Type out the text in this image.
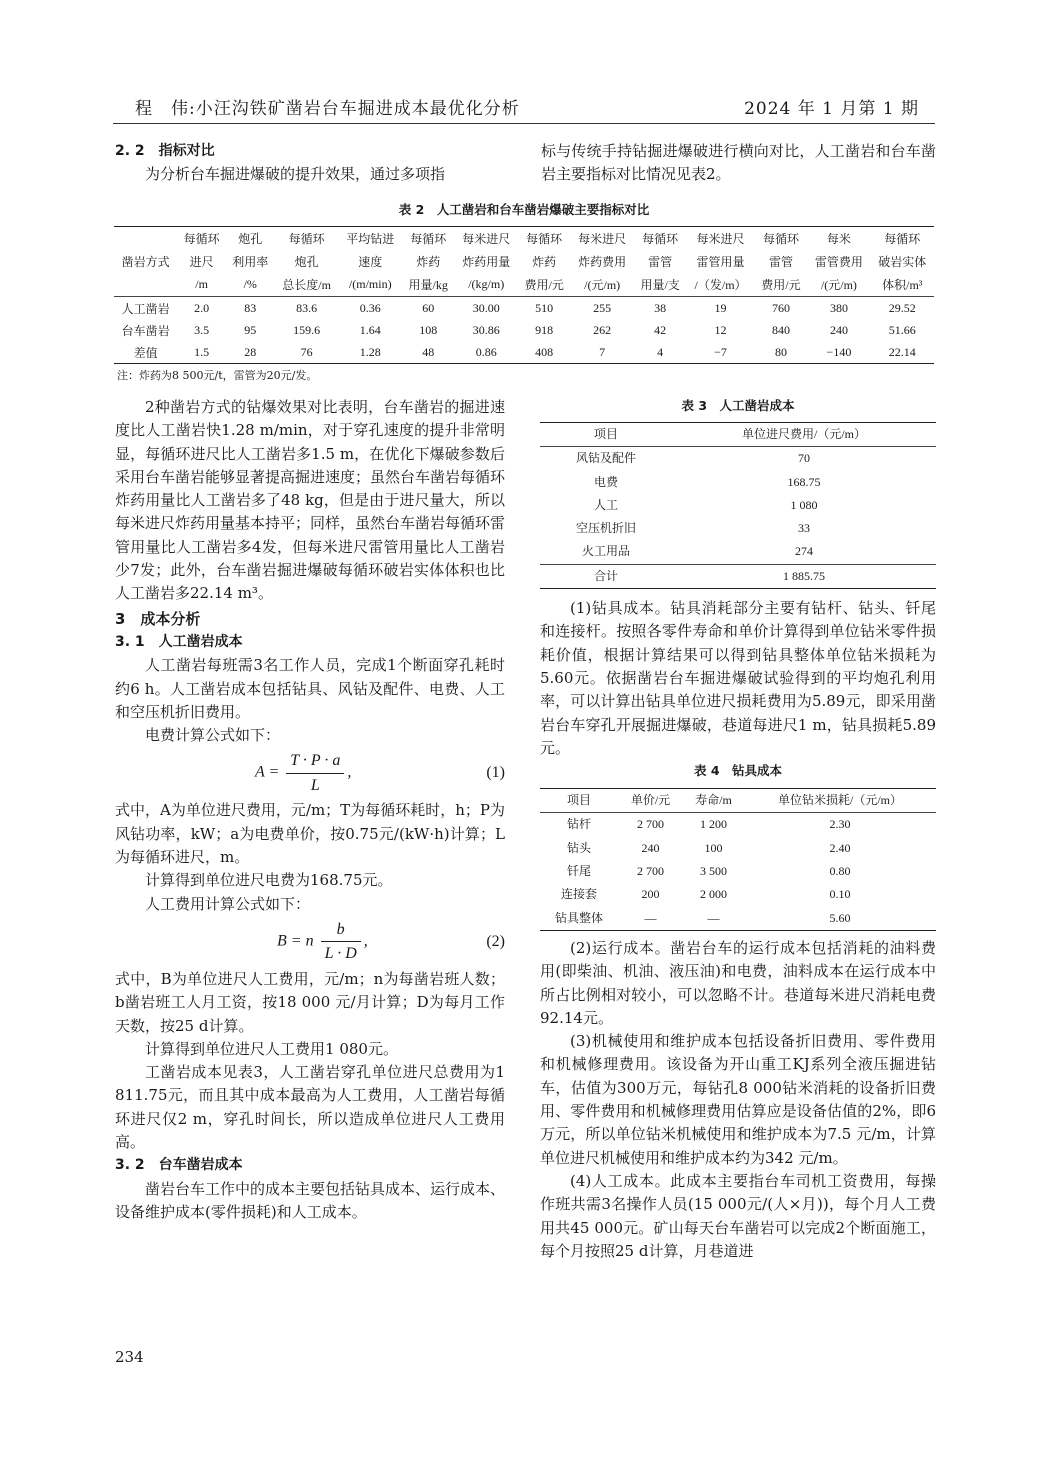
程　伟:小汪沟铁矿凿岩台车掘进成本最优化分析	2024 年 1 月第 1 期
2. 2　指标对比

为分析台车掘进爆破的提升效果，通过多项指

标与传统手持钻掘进爆破进行横向对比，人工凿岩和台车凿岩主要指标对比情况见表2。

表 2　人工凿岩和台车凿岩爆破主要指标对比
	每循环	炮孔	每循环	平均钻进	每循环	每米进尺	每循环	每米进尺	每循环	每米进尺	每循环	每米	每循环
凿岩方式	进尺	利用率	炮孔	速度	炸药	炸药用量	炸药	炸药费用	雷管	雷管用量	雷管	雷管费用	破岩实体
	/m	/%	总长度/m	/(m/min)	用量/kg	/(kg/m)	费用/元	/(元/m)	用量/支	/（发/m）	费用/元	/(元/m)	体积/m³
人工凿岩	2.0	83	83.6	0.36	60	30.00	510	255	38	19	760	380	29.52
台车凿岩	3.5	95	159.6	1.64	108	30.86	918	262	42	12	840	240	51.66
差值	1.5	28	76	1.28	48	0.86	408	7	4	−7	80	−140	22.14
注：炸药为8 500元/t，雷管为20元/发。

2种凿岩方式的钻爆效果对比表明，台车凿岩的掘进速度比人工凿岩快1.28 m/min，对于穿孔速度的提升非常明显，每循环进尺比人工凿岩多1.5 m，在优化下爆破参数后采用台车凿岩能够显著提高掘进速度；虽然台车凿岩每循环炸药用量比人工凿岩多了48 kg，但是由于进尺量大，所以每米进尺炸药用量基本持平；同样，虽然台车凿岩每循环雷管用量比人工凿岩多4发，但每米进尺雷管用量比人工凿岩少7发；此外，台车凿岩掘进爆破每循环破岩实体体积也比人工凿岩多22.14 m³。

3　成本分析
3. 1　人工凿岩成本

人工凿岩每班需3名工作人员，完成1个断面穿孔耗时约6 h。人工凿岩成本包括钻具、风钻及配件、电费、人工和空压机折旧费用。

电费计算公式如下：

$A = \frac{T \cdot P \cdot a}{L}$ ,	(1)

式中，A为单位进尺费用，元/m；T为每循环耗时，h；P为风钻功率，kW；a为电费单价，按0.75元/(kW·h)计算；L为每循环进尺，m。

计算得到单位进尺电费为168.75元。

人工费用计算公式如下：

B = n $\frac{b}{L \cdot D}$ ,	(2)

式中，B为单位进尺人工费用，元/m；n为每凿岩班人数；b凿岩班工人月工资，按18 000 元/月计算；D为每月工作天数，按25 d计算。

计算得到单位进尺人工费用1 080元。

工凿岩成本见表3，人工凿岩穿孔单位进尺总费用为1 811.75元，而且其中成本最高为人工费用，人工凿岩每循环进尺仅2 m，穿孔时间长，所以造成单位进尺人工费用高。

3. 2　台车凿岩成本

凿岩台车工作中的成本主要包括钻具成本、运行成本、设备维护成本(零件损耗)和人工成本。

表 3　人工凿岩成本
项目	单位进尺费用/（元/m）
风钻及配件	70
电费	168.75
人工	1 080
空压机折旧	33
火工用品	274
合计	1 885.75

(1)钻具成本。钻具消耗部分主要有钻杆、钻头、钎尾和连接杆。按照各零件寿命和单价计算得到单位钻米零件损耗价值，根据计算结果可以得到钻具整体单位钻米损耗为5.60元。依据凿岩台车掘进爆破试验得到的平均炮孔利用率，可以计算出钻具单位进尺损耗费用为5.89元，即采用凿岩台车穿孔开展掘进爆破，巷道每进尺1 m，钻具损耗5.89元。

表 4　钻具成本
项目	单价/元	寿命/m	单位钻米损耗/（元/m）
钻杆	2 700	1 200	2.30
钻头	240	100	2.40
钎尾	2 700	3 500	0.80
连接套	200	2 000	0.10
钻具整体	—	—	5.60

(2)运行成本。凿岩台车的运行成本包括消耗的油料费用(即柴油、机油、液压油)和电费，油料成本在运行成本中所占比例相对较小，可以忽略不计。巷道每米进尺消耗电费92.14元。

(3)机械使用和维护成本包括设备折旧费用、零件费用和机械修理费用。该设备为开山重工KJ系列全液压掘进钻车，估值为300万元，每钻孔8 000钻米消耗的设备折旧费用、零件费用和机械修理费用估算应是设备估值的2%，即6万元，所以单位钻米机械使用和维护成本为7.5 元/m，计算单位进尺机械使用和维护成本约为342 元/m。

(4)人工成本。此成本主要指台车司机工资费用，每操作班共需3名操作人员(15 000元/(人×月))，每个月人工费用共45 000元。矿山每天台车凿岩可以完成2个断面施工，每个月按照25 d计算，月巷道进

234
